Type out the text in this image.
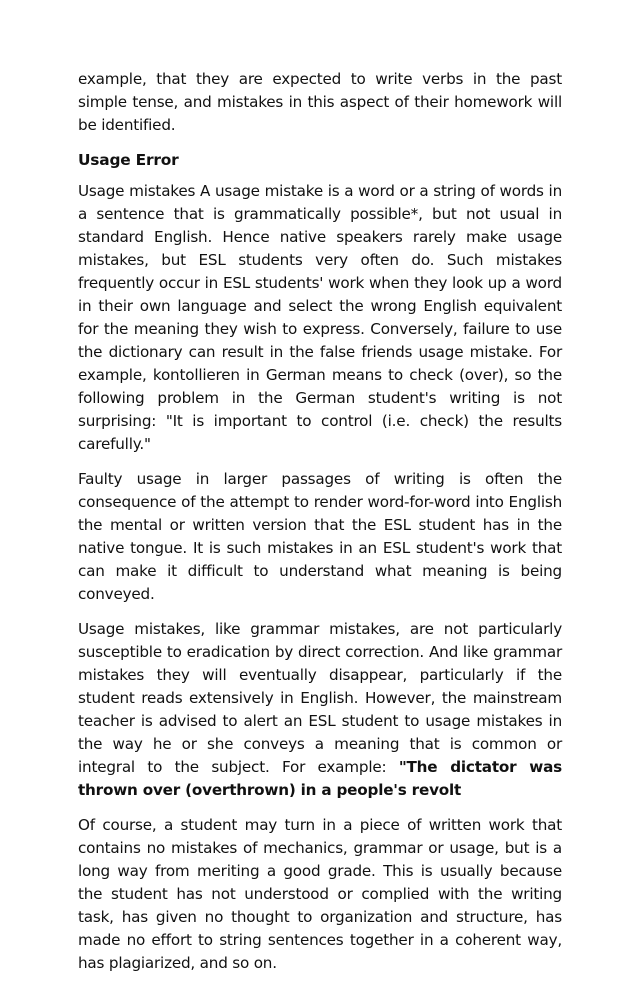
example, that they are expected to write verbs in the past simple tense, and mistakes in this aspect of their homework will be identified.

Usage Error

Usage mistakes A usage mistake is a word or a string of words in a sentence that is grammatically possible*, but not usual in standard English. Hence native speakers rarely make usage mistakes, but ESL students very often do. Such mistakes frequently occur in ESL students' work when they look up a word in their own language and select the wrong English equivalent for the meaning they wish to express. Conversely, failure to use the dictionary can result in the false friends usage mistake. For example, kontollieren in German means to check (over), so the following problem in the German student's writing is not surprising: "It is important to control (i.e. check) the results carefully."

Faulty usage in larger passages of writing is often the consequence of the attempt to render word-for-word into English the mental or written version that the ESL student has in the native tongue. It is such mistakes in an ESL student's work that can make it difficult to understand what meaning is being conveyed.

Usage mistakes, like grammar mistakes, are not particularly susceptible to eradication by direct correction. And like grammar mistakes they will eventually disappear, particularly if the student reads extensively in English. However, the mainstream teacher is advised to alert an ESL student to usage mistakes in the way he or she conveys a meaning that is common or integral to the subject. For example: "The dictator was thrown over (overthrown) in a people's revolt

Of course, a student may turn in a piece of written work that contains no mistakes of mechanics, grammar or usage, but is a long way from meriting a good grade. This is usually because the student has not understood or complied with the writing task, has given no thought to organization and structure, has made no effort to string sentences together in a coherent way, has plagiarized, and so on.
